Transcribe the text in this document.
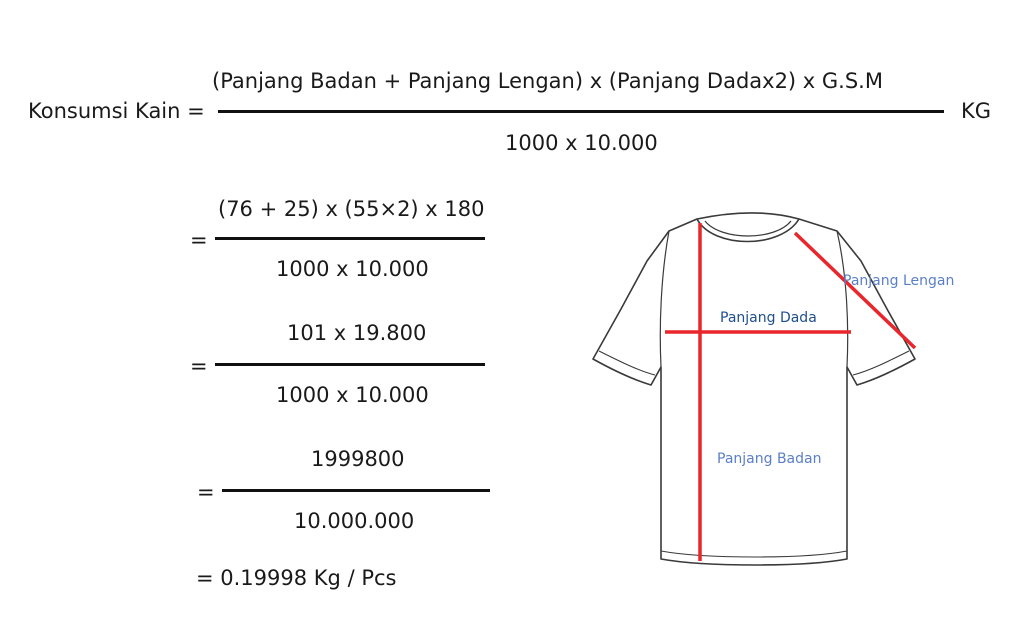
Konsumsi Kain =
(Panjang Badan + Panjang Lengan) x (Panjang Dadax2) x G.S.M
1000 x 10.000
KG
=
(76 + 25) x (55×2) x 180
1000 x 10.000
=
101 x 19.800
1000 x 10.000
=
1999800
10.000.000
= 0.19998 Kg / Pcs
Panjang Lengan
Panjang Dada
Panjang Badan
